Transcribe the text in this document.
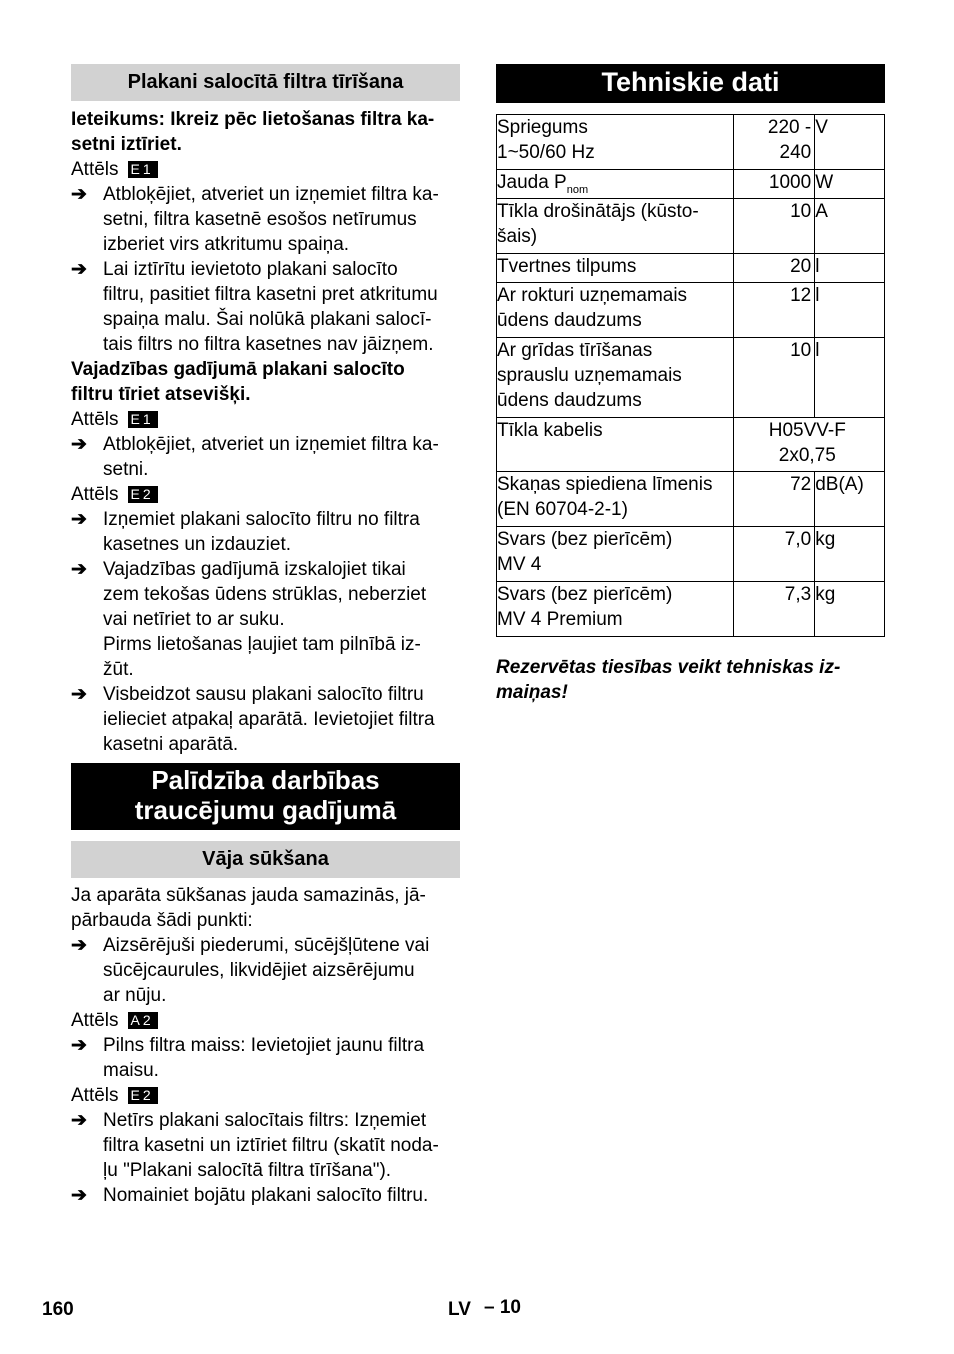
Plakani salocītā filtra tīrīšana

Ieteikums: Ikreiz pēc lietošanas filtra ka-
setni iztīriet.

Attēls E1
➔ Atbloķējiet, atveriet un izņemiet filtra ka-
setni, filtra kasetnē esošos netīrumus
izberiet virs atkritumu spaiņa.
➔ Lai iztīrītu ievietoto plakani salocīto
filtru, pasitiet filtra kasetni pret atkritumu
spaiņa malu. Šai nolūkā plakani salocī-
tais filtrs no filtra kasetnes nav jāizņem.

Vajadzības gadījumā plakani salocīto
filtru tīriet atsevišķi.

Attēls E1
➔ Atbloķējiet, atveriet un izņemiet filtra ka-
setni.
Attēls E2
➔ Izņemiet plakani salocīto filtru no filtra
kasetnes un izdauziet.
➔ Vajadzības gadījumā izskalojiet tikai
zem tekošas ūdens strūklas, neberziet
vai netīriet to ar suku.
Pirms lietošanas ļaujiet tam pilnībā iz-
žūt.
➔ Visbeidzot sausu plakani salocīto filtru
ielieciet atpakaļ aparātā. Ievietojiet filtra
kasetni aparātā.
Palīdzība darbības
traucējumu gadījumā
Vāja sūkšana

Ja aparāta sūkšanas jauda samazinās, jā-
pārbauda šādi punkti:

➔ Aizsērējuši piederumi, sūcējšļūtene vai
sūcējcaurules, likvidējiet aizsērējumu
ar nūju.
Attēls A2
➔ Pilns filtra maiss: Ievietojiet jaunu filtra
maisu.
Attēls E2
➔ Netīrs plakani salocītais filtrs: Izņemiet
filtra kasetni un iztīriet filtru (skatīt noda-
ļu "Plakani salocītā filtra tīrīšana").
➔ Nomainiet bojātu plakani salocīto filtru.
Tehniskie dati
Spriegums
1~50/60 Hz	220 -
240	V
Jauda $P_{nom}$	1000	W
Tīkla drošinātājs (kūsto-
šais)	10	A
Tvertnes tilpums	20	l
Ar rokturi uzņemamais
ūdens daudzums	12	l
Ar grīdas tīrīšanas
sprauslu uzņemamais
ūdens daudzums	10	l
Tīkla kabelis	H05VV-F
2x0,75	
Skaņas spiediena līmenis
(EN 60704-2-1)	72	dB(A)
Svars (bez pierīcēm)
MV 4	7,0	kg
Svars (bez pierīcēm)
MV 4 Premium	7,3	kg

Rezervētas tiesības veikt tehniskas iz-
maiņas!

160	LV – 10
